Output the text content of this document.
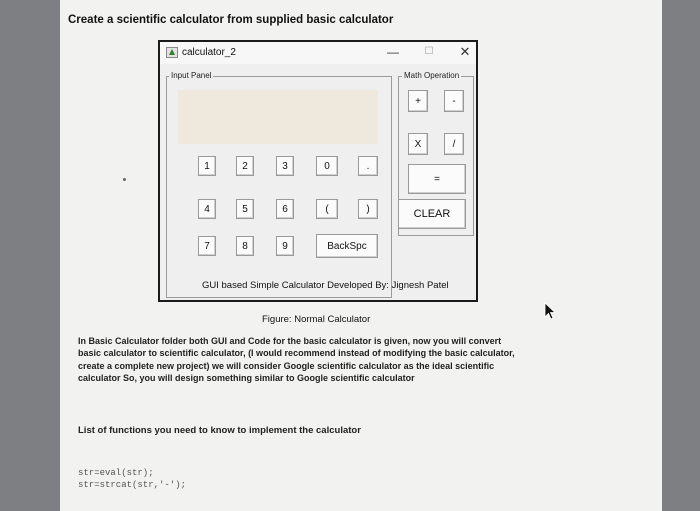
Create a scientific calculator from supplied basic calculator
calculator_2	—	☐ ✕
Input Panel	Math Operation
1	2	3	0	.
4	5	6	(	)
7	8	9	BackSpc
+	-
X	/
=
CLEAR
GUI based Simple Calculator Developed By: Jignesh Patel
Figure: Normal Calculator
In Basic Calculator folder both GUI and Code for the basic calculator is given, now you will convert
basic calculator to scientific calculator, (I would recommend instead of modifying the basic calculator,
create a complete new project) we will consider Google scientific calculator as the ideal scientific
calculator So, you will design something similar to Google scientific calculator
List of functions you need to know to implement the calculator
str=eval(str);
str=strcat(str,'-');
